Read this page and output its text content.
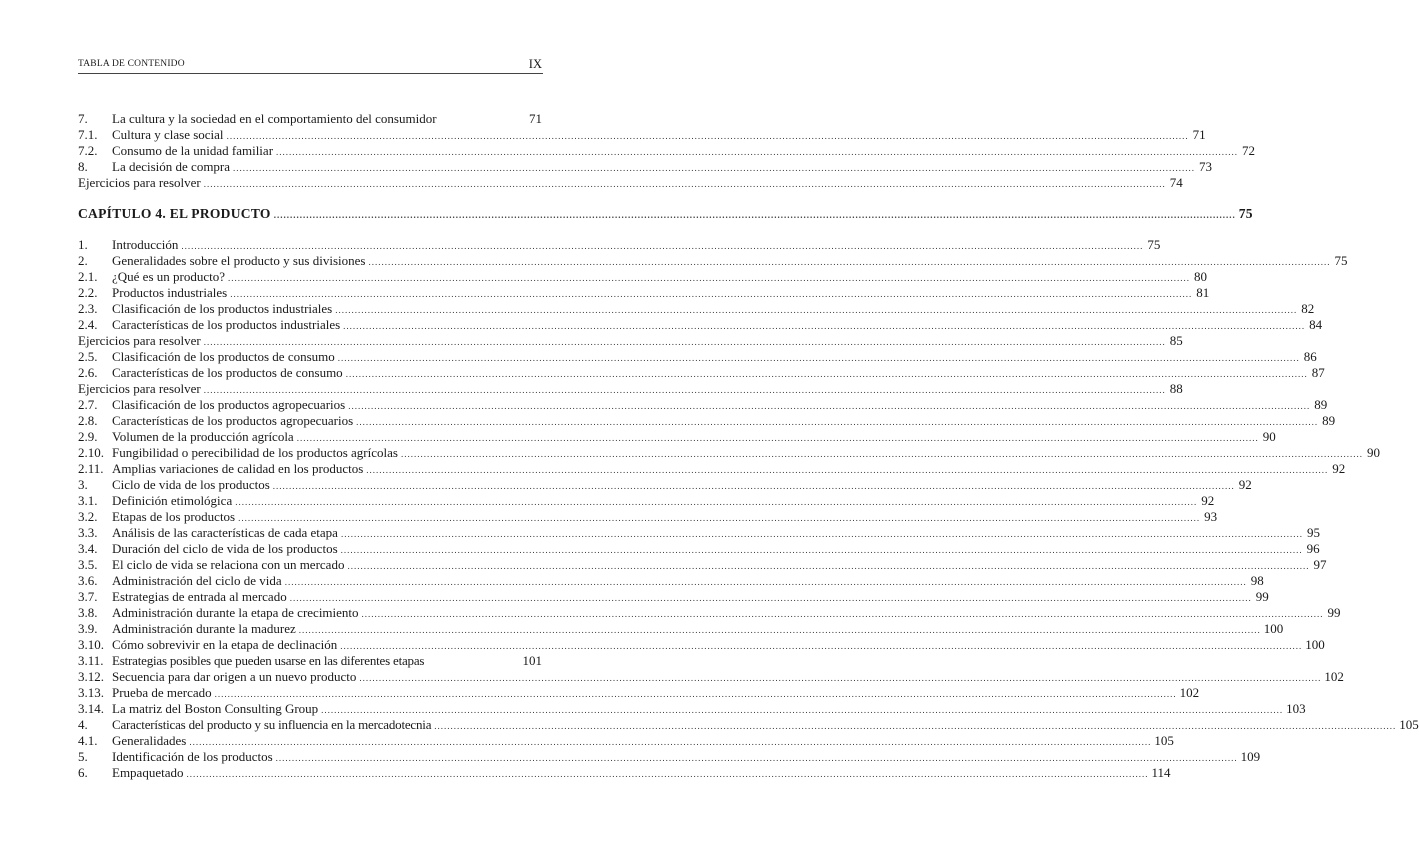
TABLA DE CONTENIDO	IX
7.	La cultura y la sociedad en el comportamiento del consumidor	71
7.1.	Cultura y clase social ........................................................................................................................................................................................................................................................................................................ 71
7.2.	Consumo de la unidad familiar ........................................................................................................................................................................................................................................................................................................ 72
8.	La decisión de compra ........................................................................................................................................................................................................................................................................................................ 73
Ejercicios para resolver ........................................................................................................................................................................................................................................................................................................ 74
CAPÍTULO 4. EL PRODUCTO ........................................................................................................................................................................................................................................................................................................ 75
1.	Introducción ........................................................................................................................................................................................................................................................................................................ 75
2.	Generalidades sobre el producto y sus divisiones ........................................................................................................................................................................................................................................................................................................ 75
2.1.	¿Qué es un producto? ........................................................................................................................................................................................................................................................................................................ 80
2.2.	Productos industriales ........................................................................................................................................................................................................................................................................................................ 81
2.3.	Clasificación de los productos industriales ........................................................................................................................................................................................................................................................................................................ 82
2.4.	Características de los productos industriales ........................................................................................................................................................................................................................................................................................................ 84
Ejercicios para resolver ........................................................................................................................................................................................................................................................................................................ 85
2.5.	Clasificación de los productos de consumo ........................................................................................................................................................................................................................................................................................................ 86
2.6.	Características de los productos de consumo ........................................................................................................................................................................................................................................................................................................ 87
Ejercicios para resolver ........................................................................................................................................................................................................................................................................................................ 88
2.7.	Clasificación de los productos agropecuarios ........................................................................................................................................................................................................................................................................................................ 89
2.8.	Características de los productos agropecuarios ........................................................................................................................................................................................................................................................................................................ 89
2.9.	Volumen de la producción agrícola ........................................................................................................................................................................................................................................................................................................ 90
2.10. Fungibilidad o perecibilidad de los productos agrícolas ........................................................................................................................................................................................................................................................................................................ 90
2.11. Amplias variaciones de calidad en los productos ........................................................................................................................................................................................................................................................................................................ 92
3.	Ciclo de vida de los productos ........................................................................................................................................................................................................................................................................................................ 92
3.1.	Definición etimológica ........................................................................................................................................................................................................................................................................................................ 92
3.2.	Etapas de los productos ........................................................................................................................................................................................................................................................................................................ 93
3.3.	Análisis de las características de cada etapa ........................................................................................................................................................................................................................................................................................................ 95
3.4.	Duración del ciclo de vida de los productos ........................................................................................................................................................................................................................................................................................................ 96
3.5.	El ciclo de vida se relaciona con un mercado ........................................................................................................................................................................................................................................................................................................ 97
3.6.	Administración del ciclo de vida ........................................................................................................................................................................................................................................................................................................ 98
3.7.	Estrategias de entrada al mercado ........................................................................................................................................................................................................................................................................................................ 99
3.8.	Administración durante la etapa de crecimiento ........................................................................................................................................................................................................................................................................................................ 99
3.9.	Administración durante la madurez ........................................................................................................................................................................................................................................................................................................ 100
3.10. Cómo sobrevivir en la etapa de declinación ........................................................................................................................................................................................................................................................................................................ 100
3.11. Estrategias posibles que pueden usarse en las diferentes etapas	101
3.12. Secuencia para dar origen a un nuevo producto ........................................................................................................................................................................................................................................................................................................ 102
3.13. Prueba de mercado ........................................................................................................................................................................................................................................................................................................ 102
3.14. La matriz del Boston Consulting Group ........................................................................................................................................................................................................................................................................................................ 103
4.	Características del producto y su influencia en la mercadotecnia ........................................................................................................................................................................................................................................................................................................ 105
4.1.	Generalidades ........................................................................................................................................................................................................................................................................................................ 105
5.	Identificación de los productos ........................................................................................................................................................................................................................................................................................................ 109
6.	Empaquetado ........................................................................................................................................................................................................................................................................................................ 114
